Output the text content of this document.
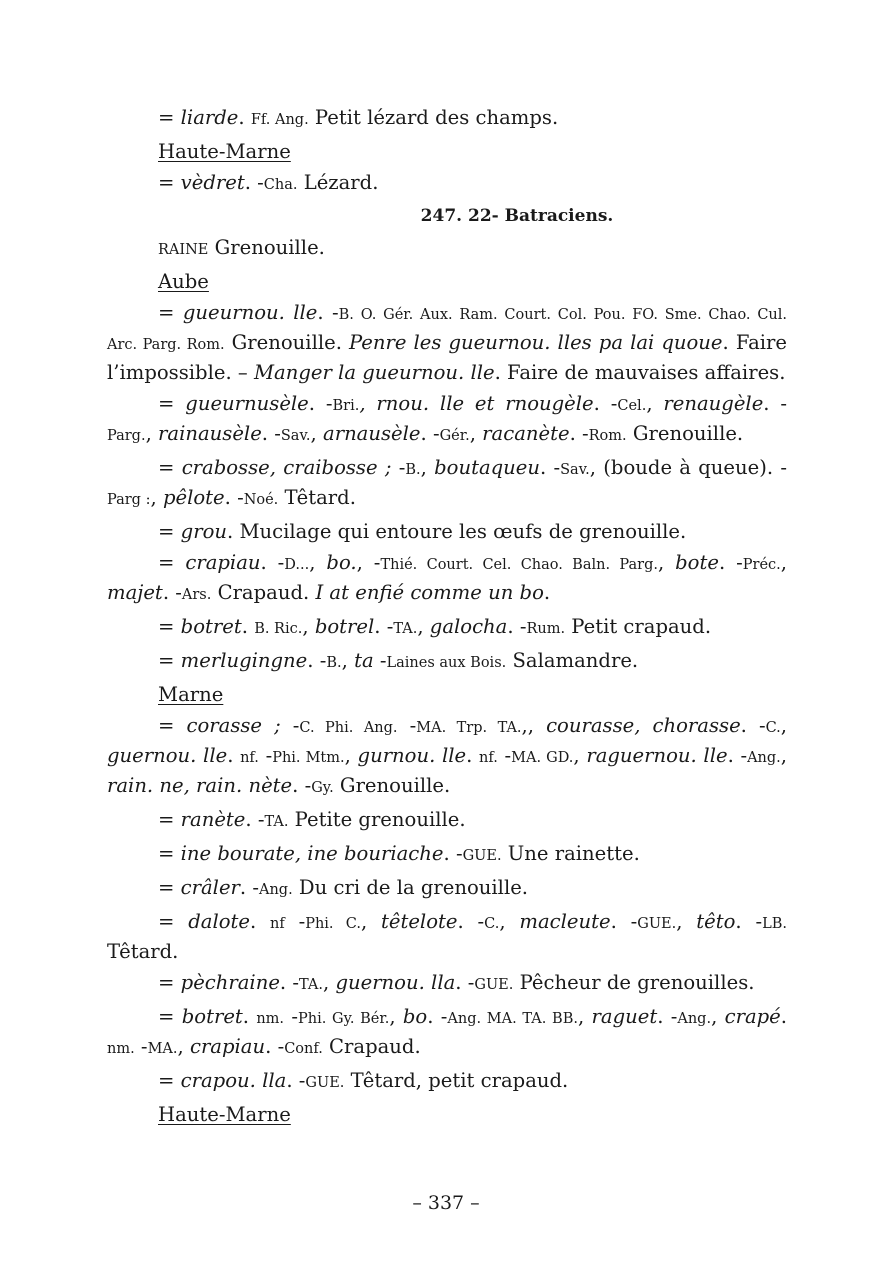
= liarde. Ff. Ang. Petit lézard des champs.

Haute-Marne

= vèdret. -Cha. Lézard.

247. 22- Batraciens.

RAINE Grenouille.

Aube

= gueurnou. lle. -B. O. Gér. Aux. Ram. Court. Col. Pou. FO. Sme. Chao. Cul. Arc. Parg. Rom. Grenouille. Penre les gueurnou. lles pa lai quoue. Faire l’impossible. – Manger la gueurnou. lle. Faire de mauvaises affaires.

= gueurnusèle. -Bri., rnou. lle et rnougèle. -Cel., renaugèle. -Parg., rainausèle. -Sav., arnausèle. -Gér., racanète. -Rom. Grenouille.

= crabosse, craibosse ; -B., boutaqueu. -Sav., (boude à queue). -Parg :, pêlote. -Noé. Têtard.

= grou. Mucilage qui entoure les œufs de grenouille.

= crapiau. -D..., bo., -Thié. Court. Cel. Chao. Baln. Parg., bote. -Préc., majet. -Ars. Crapaud. I at enfié comme un bo.

= botret. B. Ric., botrel. -TA., galocha. -Rum. Petit crapaud.

= merlugingne. -B., ta -Laines aux Bois. Salamandre.

Marne

= corasse ; -C. Phi. Ang. -MA. Trp. TA.,, courasse, chorasse. -C., guernou. lle. nf. -Phi. Mtm., gurnou. lle. nf. -MA. GD., raguernou. lle. -Ang., rain. ne, rain. nète. -Gy. Grenouille.

= ranète. -TA. Petite grenouille.

= ine bourate, ine bouriache. -GUE. Une rainette.

= crâler. -Ang. Du cri de la grenouille.

= dalote. nf -Phi. C., têtelote. -C., macleute. -GUE., têto. -LB. Têtard.

= pèchraine. -TA., guernou. lla. -GUE. Pêcheur de grenouilles.

= botret. nm. -Phi. Gy. Bér., bo. -Ang. MA. TA. BB., raguet. -Ang., crapé. nm. -MA., crapiau. -Conf. Crapaud.

= crapou. lla. -GUE. Têtard, petit crapaud.

Haute-Marne
– 337 –
